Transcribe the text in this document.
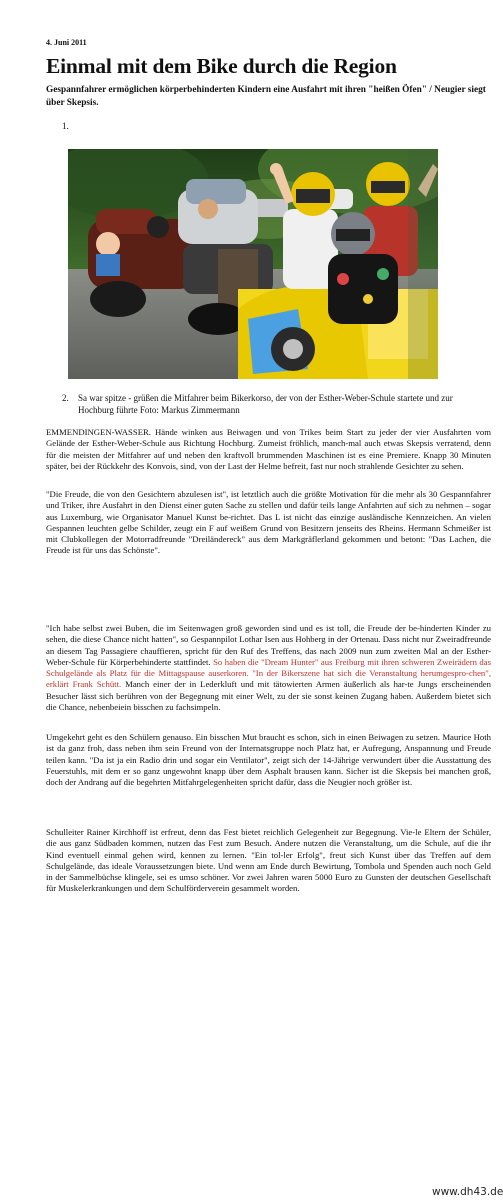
4. Juni 2011
Einmal mit dem Bike durch die Region
Gespannfahrer ermöglichen körperbehinderten Kindern eine Ausfahrt mit ihren "heißen Öfen" / Neugier siegt über Skepsis.
1.
2. Sa war spitze - grüßen die Mitfahrer beim Bikerkorso, der von der Esther-Weber-Schule startete und zur Hochburg führte Foto: Markus Zimmermann

EMMENDINGEN-WASSER. Hände winken aus Beiwagen und von Trikes beim Start zu jeder der vier Ausfahrten vom Gelände der Esther-Weber-Schule aus Richtung Hochburg. Zumeist fröhlich, manch-mal auch etwas Skepsis verratend, denn für die meisten der Mitfahrer auf und neben den kraftvoll brummenden Maschinen ist es eine Premiere. Knapp 30 Minuten später, bei der Rückkehr des Konvois, sind, von der Last der Helme befreit, fast nur noch strahlende Gesichter zu sehen.

"Die Freude, die von den Gesichtern abzulesen ist", ist letztlich auch die größte Motivation für die mehr als 30 Gespannfahrer und Triker, ihre Ausfahrt in den Dienst einer guten Sache zu stellen und dafür teils lange Anfahrten auf sich zu nehmen – sogar aus Luxemburg, wie Organisator Manuel Kunst be-richtet. Das L ist nicht das einzige ausländische Kennzeichen. An vielen Gespannen leuchten gelbe Schilder, zeugt ein F auf weißem Grund von Besitzern jenseits des Rheins. Hermann Schmeißer ist mit Clubkollegen der Motorradfreunde "Dreiländereck" aus dem Markgräflerland gekommen und betont: "Das Lachen, die Freude ist für uns das Schönste".

"Ich habe selbst zwei Buben, die im Seitenwagen groß geworden sind und es ist toll, die Freude der be-hinderten Kinder zu sehen, die diese Chance nicht hatten", so Gespannpilot Lothar Isen aus Hohberg in der Ortenau. Dass nicht nur Zweiradfreunde an diesem Tag Passagiere chauffieren, spricht für den Ruf des Treffens, das nach 2009 nun zum zweiten Mal an der Esther-Weber-Schule für Körperbehinderte stattfindet. So haben die "Dream Hunter" aus Freiburg mit ihren schweren Zweirädern das Schulgelände als Platz für die Mittagspause auserkoren. "In der Bikerszene hat sich die Veranstaltung herumgespro-chen", erklärt Frank Schütt. Manch einer der in Lederkluft und mit tätowierten Armen äußerlich als har-te Jungs erscheinenden Besucher lässt sich berühren von der Begegnung mit einer Welt, zu der sie sonst keinen Zugang haben. Außerdem bietet sich die Chance, nebenbeiein bisschen zu fachsimpeln.

Umgekehrt geht es den Schülern genauso. Ein bisschen Mut braucht es schon, sich in einen Beiwagen zu setzen. Maurice Hoth ist da ganz froh, dass neben ihm sein Freund von der Internatsgruppe noch Platz hat, er Aufregung, Anspannung und Freude teilen kann. "Da ist ja ein Radio drin und sogar ein Ventilator", zeigt sich der 14-Jährige verwundert über die Ausstattung des Feuerstuhls, mit dem er so ganz ungewohnt knapp über dem Asphalt brausen kann. Sicher ist die Skepsis bei manchen groß, doch der Andrang auf die begehrten Mitfahrgelegenheiten spricht dafür, dass die Neugier noch größer ist.

Schulleiter Rainer Kirchhoff ist erfreut, denn das Fest bietet reichlich Gelegenheit zur Begegnung. Vie-le Eltern der Schüler, die aus ganz Südbaden kommen, nutzen das Fest zum Besuch. Andere nutzen die Veranstaltung, um die Schule, auf die ihr Kind eventuell einmal gehen wird, kennen zu lernen. "Ein tol-ler Erfolg", freut sich Kunst über das Treffen auf dem Schulgelände, das ideale Voraussetzungen biete. Und wenn am Ende durch Bewirtung, Tombola und Spenden auch noch Geld in der Sammelbüchse klingele, sei es umso schöner. Vor zwei Jahren waren 5000 Euro zu Gunsten der deutschen Gesellschaft für Muskelerkrankungen und dem Schulförderverein gesammelt worden.

www.dh43.de
